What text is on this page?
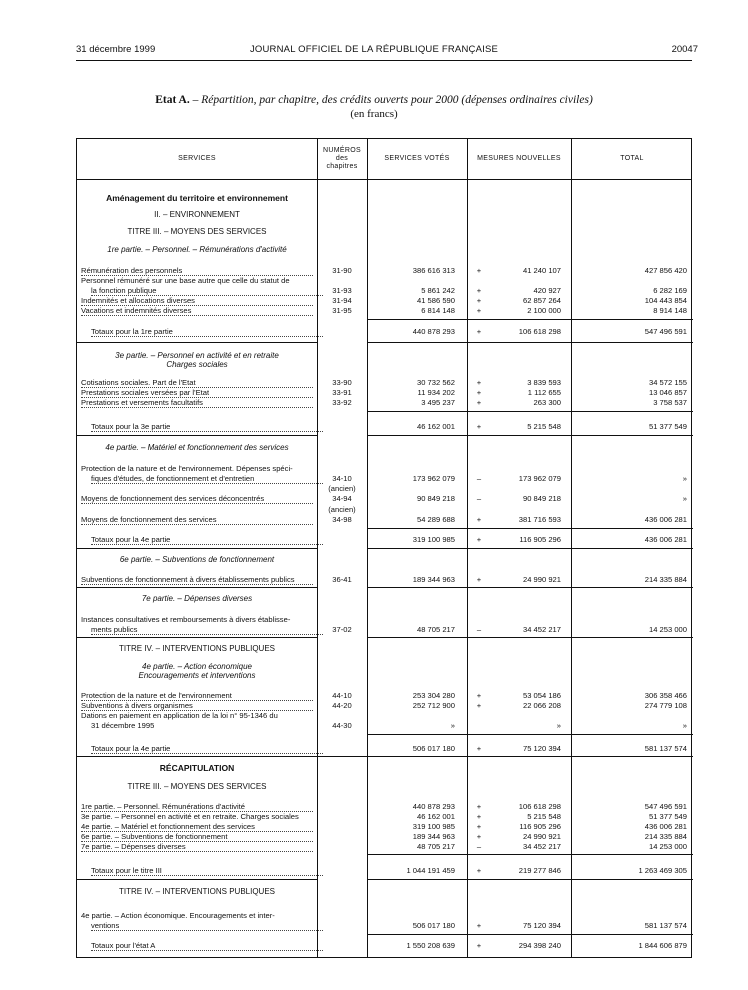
31 décembre 1999	JOURNAL OFFICIEL DE LA RÉPUBLIQUE FRANÇAISE	20047
Etat A. – Répartition, par chapitre, des crédits ouverts pour 2000 (dépenses ordinaires civiles)
(en francs)
SERVICES
NUMÉROS
des
chapitres
SERVICES VOTÉS	MESURES NOUVELLES	TOTAL
Aménagement du territoire et environnement
II. – ENVIRONNEMENT
TITRE III. – MOYENS DES SERVICES
1re partie. – Personnel. – Rémunérations d'activité
Rémunération des personnels	31-90	386 616 313	+	41 240 107	427 856 420
Personnel rémunéré sur une base autre que celle du statut de
la fonction publique	31-93	5 861 242	+	420 927	6 282 169
Indemnités et allocations diverses	31-94	41 586 590	+	62 857 264	104 443 854
Vacations et indemnités diverses	31-95	6 814 148	+	2 100 000	8 914 148
Totaux pour la 1re partie	440 878 293	+	106 618 298	547 496 591
3e partie. – Personnel en activité et en retraite
Charges sociales
Cotisations sociales. Part de l'Etat	33-90	30 732 562	+	3 839 593	34 572 155
Prestations sociales versées par l'Etat	33-91	11 934 202	+	1 112 655	13 046 857
Prestations et versements facultatifs	33-92	3 495 237	+	263 300	3 758 537
Totaux pour la 3e partie	46 162 001	+	5 215 548	51 377 549
4e partie. – Matériel et fonctionnement des services
Protection de la nature et de l'environnement. Dépenses spéci-
fiques d'études, de fonctionnement et d'entretien	34-10	173 962 079	–	173 962 079	»
(ancien)
Moyens de fonctionnement des services déconcentrés	34-94	90 849 218	–	90 849 218	»
(ancien)
Moyens de fonctionnement des services	34-98	54 289 688	+	381 716 593	436 006 281
Totaux pour la 4e partie	319 100 985	+	116 905 296	436 006 281
6e partie. – Subventions de fonctionnement
Subventions de fonctionnement à divers établissements publics	36-41	189 344 963	+	24 990 921	214 335 884
7e partie. – Dépenses diverses
Instances consultatives et remboursements à divers établisse-
ments publics	37-02	48 705 217	–	34 452 217	14 253 000
TITRE IV. – INTERVENTIONS PUBLIQUES
4e partie. – Action économique
Encouragements et interventions
Protection de la nature et de l'environnement	44-10	253 304 280	+	53 054 186	306 358 466
Subventions à divers organismes	44-20	252 712 900	+	22 066 208	274 779 108
Dations en paiement en application de la loi n° 95-1346 du
31 décembre 1995	44-30	»	»	»
Totaux pour la 4e partie	506 017 180	+	75 120 394	581 137 574
RÉCAPITULATION
TITRE III. – MOYENS DES SERVICES
1re partie. – Personnel. Rémunérations d'activité	440 878 293	+	106 618 298	547 496 591
3e partie. – Personnel en activité et en retraite. Charges sociales	46 162 001	+	5 215 548	51 377 549
4e partie. – Matériel et fonctionnement des services	319 100 985	+	116 905 296	436 006 281
6e partie. – Subventions de fonctionnement	189 344 963	+	24 990 921	214 335 884
7e partie. – Dépenses diverses	48 705 217	–	34 452 217	14 253 000
Totaux pour le titre III	1 044 191 459	+	219 277 846	1 263 469 305
TITRE IV. – INTERVENTIONS PUBLIQUES
4e partie. – Action économique. Encouragements et inter-
ventions	506 017 180	+	75 120 394	581 137 574
Totaux pour l'état A	1 550 208 639	+	294 398 240	1 844 606 879
